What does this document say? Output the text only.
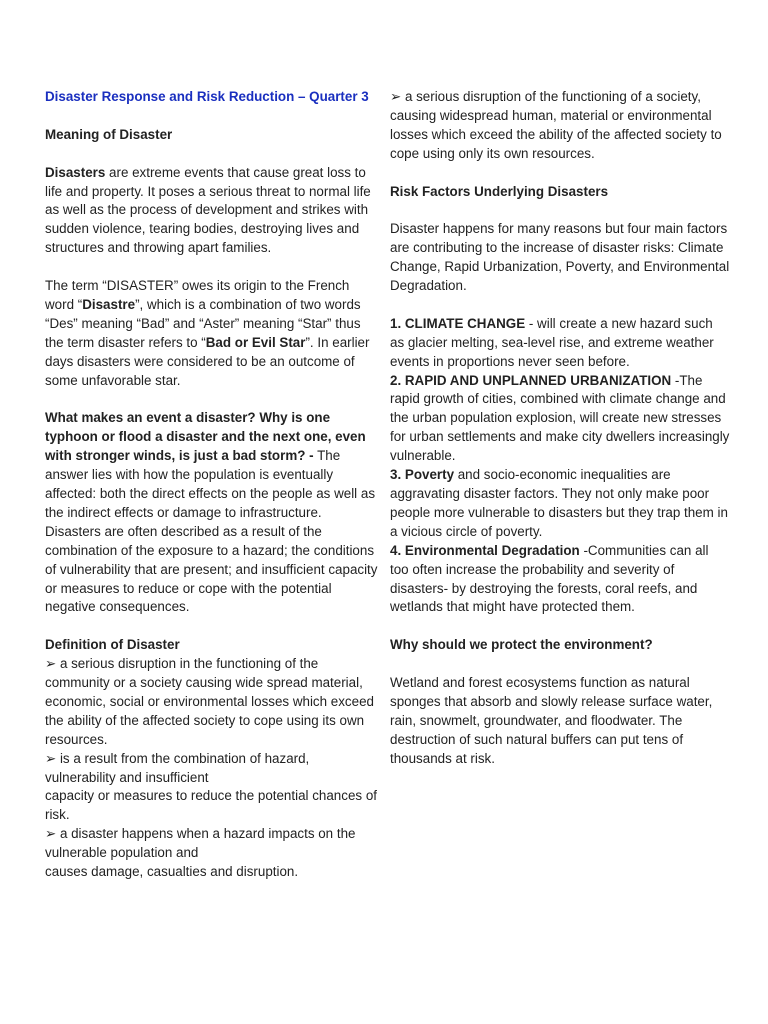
Disaster Response and Risk Reduction – Quarter 3

Meaning of Disaster

Disasters are extreme events that cause great loss to life and property. It poses a serious threat to normal life as well as the process of development and strikes with sudden violence, tearing bodies, destroying lives and structures and throwing apart families.

The term “DISASTER” owes its origin to the French word “Disastre”, which is a combination of two words “Des” meaning “Bad” and “Aster” meaning “Star” thus the term disaster refers to “Bad or Evil Star”. In earlier days disasters were considered to be an outcome of some unfavorable star.

What makes an event a disaster? Why is one typhoon or flood a disaster and the next one, even with stronger winds, is just a bad storm? - The answer lies with how the population is eventually affected: both the direct effects on the people as well as the indirect effects or damage to infrastructure. Disasters are often described as a result of the combination of the exposure to a hazard; the conditions of vulnerability that are present; and insufficient capacity or measures to reduce or cope with the potential negative consequences.

Definition of Disaster

➢ a serious disruption in the functioning of the community or a society causing wide spread material, economic, social or environmental losses which exceed the ability of the affected society to cope using its own resources.

➢ is a result from the combination of hazard, vulnerability and insufficient

capacity or measures to reduce the potential chances of risk.

➢ a disaster happens when a hazard impacts on the vulnerable population and

causes damage, casualties and disruption.

➢ a serious disruption of the functioning of a society, causing widespread human, material or environmental losses which exceed the ability of the affected society to cope using only its own resources.

Risk Factors Underlying Disasters

Disaster happens for many reasons but four main factors are contributing to the increase of disaster risks: Climate Change, Rapid Urbanization, Poverty, and Environmental Degradation.

1. CLIMATE CHANGE - will create a new hazard such as glacier melting, sea-level rise, and extreme weather events in proportions never seen before.

2. RAPID AND UNPLANNED URBANIZATION -The rapid growth of cities, combined with climate change and the urban population explosion, will create new stresses for urban settlements and make city dwellers increasingly vulnerable.

3. Poverty and socio-economic inequalities are aggravating disaster factors. They not only make poor people more vulnerable to disasters but they trap them in a vicious circle of poverty.

4. Environmental Degradation -Communities can all too often increase the probability and severity of disasters- by destroying the forests, coral reefs, and wetlands that might have protected them.

Why should we protect the environment?

Wetland and forest ecosystems function as natural sponges that absorb and slowly release surface water, rain, snowmelt, groundwater, and floodwater. The destruction of such natural buffers can put tens of thousands at risk.
